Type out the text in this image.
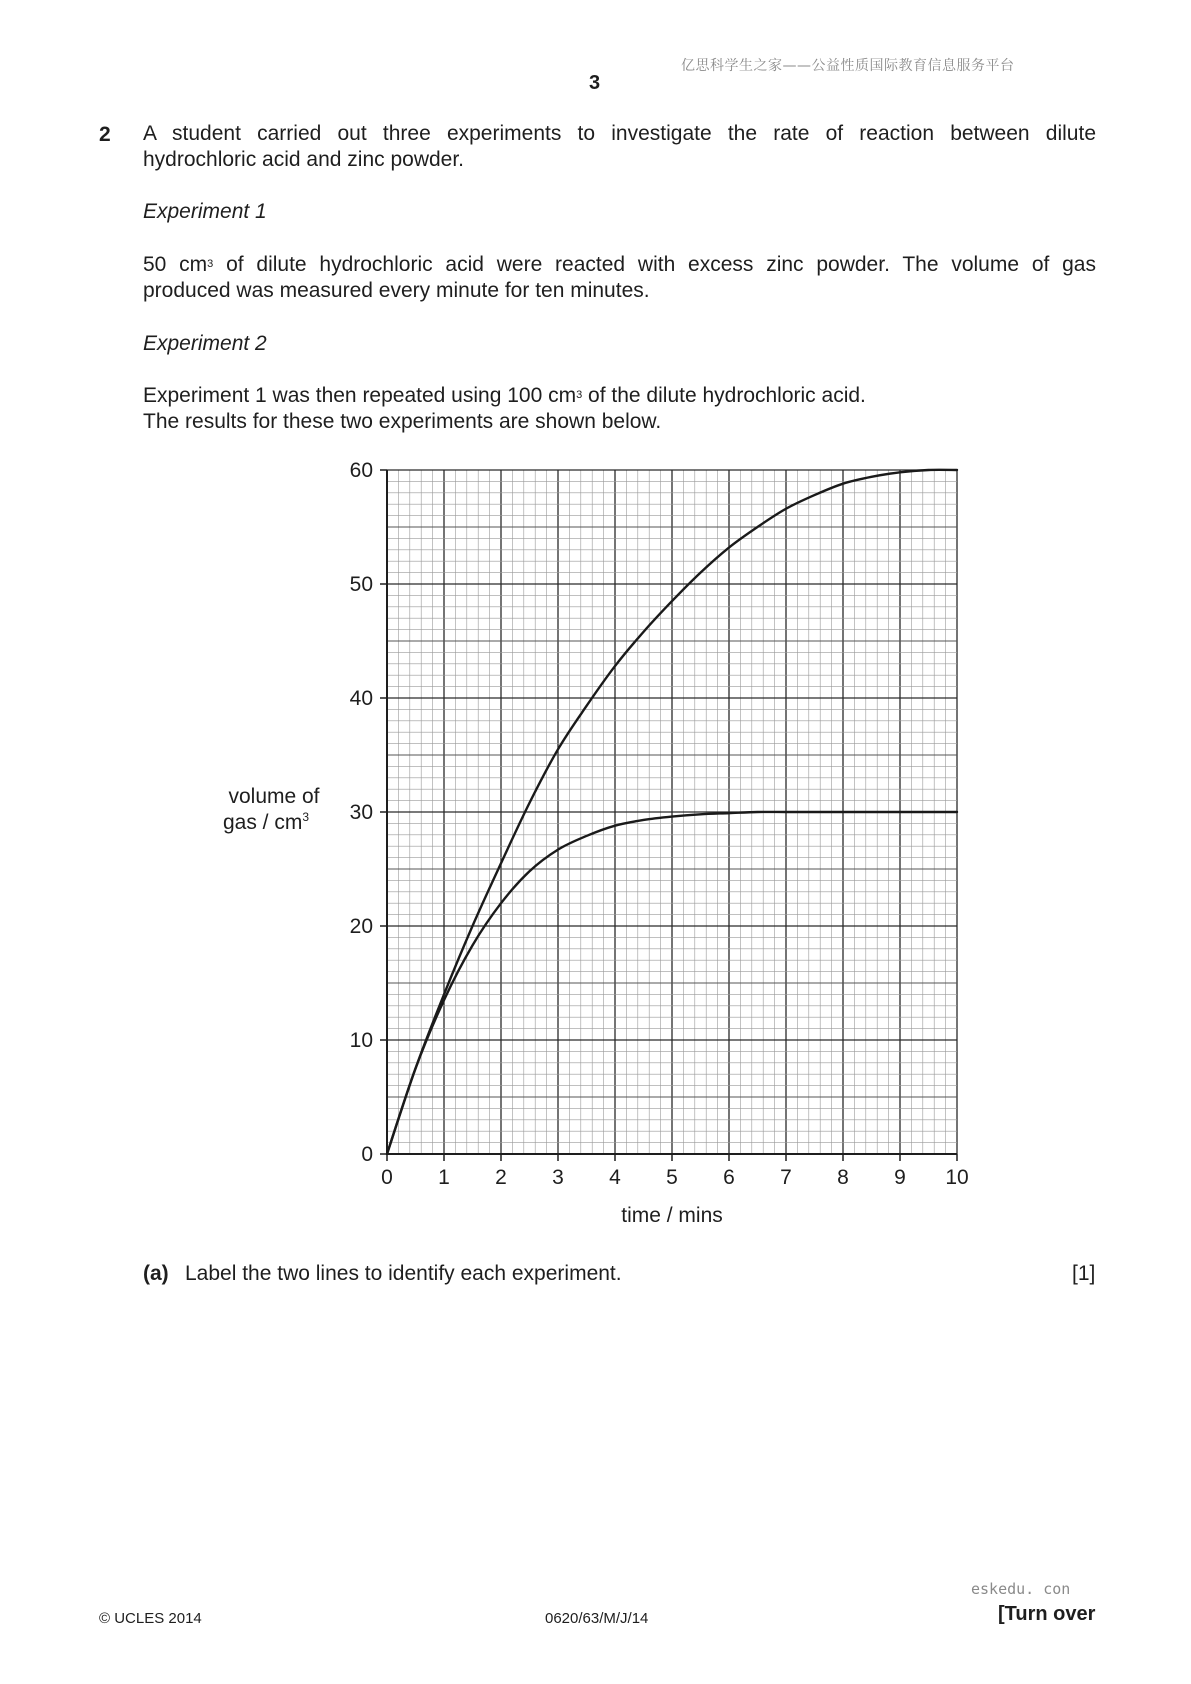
亿思科学生之家——公益性质国际教育信息服务平台
3
2 A student carried out three experiments to investigate the rate of reaction between dilute
hydrochloric acid and zinc powder.
Experiment 1
50 $cm^3$ of dilute hydrochloric acid were reacted with excess zinc powder. The volume of gas
produced was measured every minute for ten minutes.
Experiment 2
Experiment 1 was then repeated using 100 $cm^3$ of the dilute hydrochloric acid.
The results for these two experiments are shown below.
0 1 2 3 4 5 6 7 8 9 10
0
10
20
30
40
50
60
volume of
gas / $cm^3$
time / mins
(a) Label the two lines to identify each experiment.	[1]
© UCLES 2014	0620/63/M/J/14
eskedu. con
[Turn over
